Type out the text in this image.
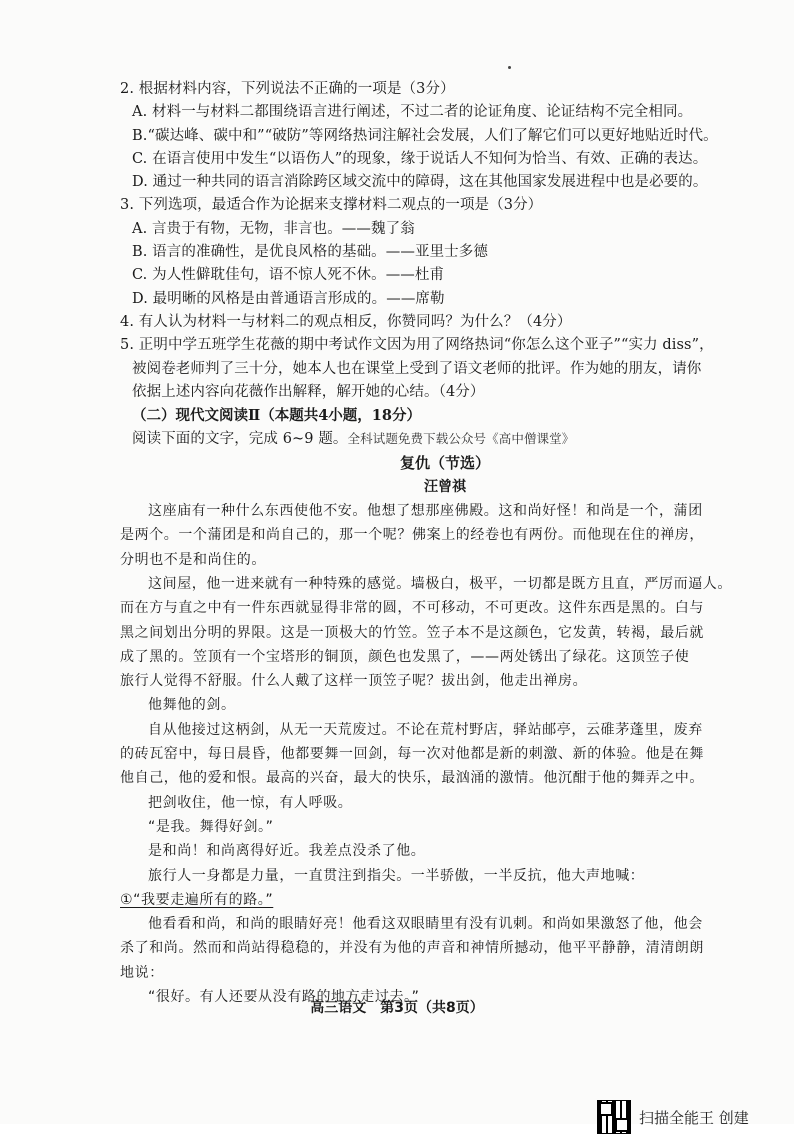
2. 根据材料内容，下列说法不正确的一项是（3分）
A. 材料一与材料二都围绕语言进行阐述，不过二者的论证角度、论证结构不完全相同。
B.“碳达峰、碳中和”“破防”等网络热词注解社会发展，人们了解它们可以更好地贴近时代。
C. 在语言使用中发生“以语伤人”的现象，缘于说话人不知何为恰当、有效、正确的表达。
D. 通过一种共同的语言消除跨区域交流中的障碍，这在其他国家发展进程中也是必要的。
3. 下列选项，最适合作为论据来支撑材料二观点的一项是（3分）
A. 言贵于有物，无物，非言也。——魏了翁
B. 语言的准确性，是优良风格的基础。——亚里士多德
C. 为人性僻耽佳句，语不惊人死不休。——杜甫
D. 最明晰的风格是由普通语言形成的。——席勒
4. 有人认为材料一与材料二的观点相反，你赞同吗？为什么？（4分）
5. 正明中学五班学生花薇的期中考试作文因为用了网络热词“你怎么这个亚子”“实力 diss”，
被阅卷老师判了三十分，她本人也在课堂上受到了语文老师的批评。作为她的朋友，请你
依据上述内容向花薇作出解释，解开她的心结。（4分）
（二）现代文阅读Ⅱ（本题共4小题，18分）
阅读下面的文字，完成 6~9 题。全科试题免费下载公众号《高中僧课堂》
复仇（节选）
汪曾祺
这座庙有一种什么东西使他不安。他想了想那座佛殿。这和尚好怪！和尚是一个，蒲团
是两个。一个蒲团是和尚自己的，那一个呢？佛案上的经卷也有两份。而他现在住的禅房，
分明也不是和尚住的。
这间屋，他一进来就有一种特殊的感觉。墙极白，极平，一切都是既方且直，严厉而逼人。
而在方与直之中有一件东西就显得非常的圆，不可移动，不可更改。这件东西是黑的。白与
黑之间划出分明的界限。这是一顶极大的竹笠。笠子本不是这颜色，它发黄，转褐，最后就
成了黑的。笠顶有一个宝塔形的铜顶，颜色也发黑了，——两处锈出了绿花。这顶笠子使
旅行人觉得不舒服。什么人戴了这样一顶笠子呢？拔出剑，他走出禅房。
他舞他的剑。
自从他接过这柄剑，从无一天荒废过。不论在荒村野店，驿站邮亭，云碓茅蓬里，废弃
的砖瓦窑中，每日晨昏，他都要舞一回剑，每一次对他都是新的刺激、新的体验。他是在舞
他自己，他的爱和恨。最高的兴奋，最大的快乐，最汹涌的激情。他沉酣于他的舞弄之中。
把剑收住，他一惊，有人呼吸。
“是我。舞得好剑。”
是和尚！和尚离得好近。我差点没杀了他。
旅行人一身都是力量，一直贯注到指尖。一半骄傲，一半反抗，他大声地喊：
①“我要走遍所有的路。”
他看看和尚，和尚的眼睛好亮！他看这双眼睛里有没有讥刺。和尚如果激怒了他，他会
杀了和尚。然而和尚站得稳稳的，并没有为他的声音和神情所撼动，他平平静静，清清朗朗
地说：
“很好。有人还要从没有路的地方走过去。”
高三语文　第3页（共8页）
扫描全能王 创建
